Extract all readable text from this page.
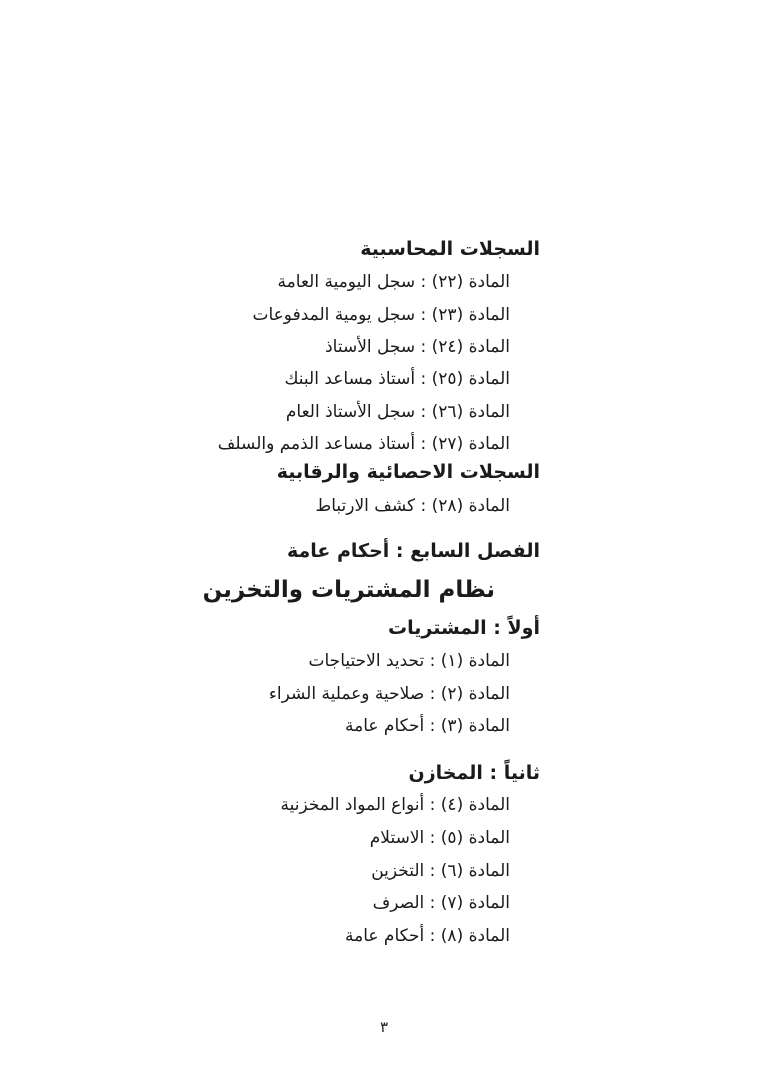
السجلات المحاسبية
المادة (٢٢) : سجل اليومية العامة
المادة (٢٣) : سجل يومية المدفوعات
المادة (٢٤) : سجل الأستاذ
المادة (٢٥) : أستاذ مساعد البنك
المادة (٢٦) : سجل الأستاذ العام
المادة (٢٧) : أستاذ مساعد الذمم والسلف
السجلات الاحصائية والرقابية
المادة (٢٨) : كشف الارتباط
الفصل السابع : أحكام عامة
نظام المشتريات والتخزين
أولاً : المشتريات
المادة (١) : تحديد الاحتياجات
المادة (٢) : صلاحية وعملية الشراء
المادة (٣) : أحكام عامة
ثانياً : المخازن
المادة (٤) : أنواع المواد المخزنية
المادة (٥) : الاستلام
المادة (٦) : التخزين
المادة (٧) : الصرف
المادة (٨) : أحكام عامة
٣
